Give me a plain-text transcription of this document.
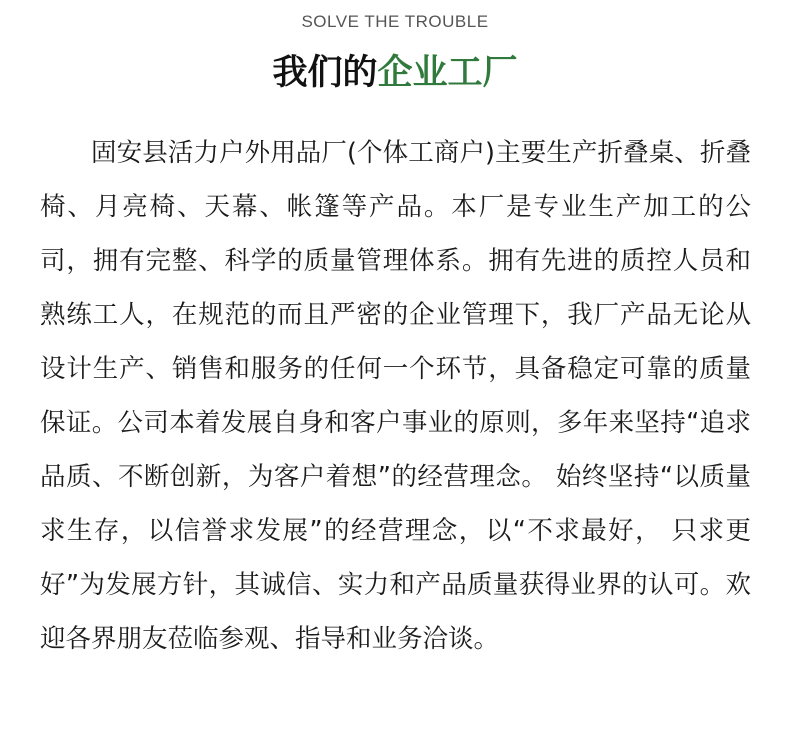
SOLVE THE TROUBLE
我们的企业工厂

固安县活力户外用品厂(个体工商户)主要生产折叠桌、折叠椅、月亮椅、天幕、帐篷等产品。本厂是专业生产加工的公司，拥有完整、科学的质量管理体系。拥有先进的质控人员和熟练工人，在规范的而且严密的企业管理下，我厂产品无论从设计生产、销售和服务的任何一个环节，具备稳定可靠的质量保证。公司本着发展自身和客户事业的原则，多年来坚持“追求品质、不断创新，为客户着想”的经营理念。 始终坚持“以质量求生存，以信誉求发展”的经营理念，以“不求最好， 只求更好”为发展方针，其诚信、实力和产品质量获得业界的认可。欢迎各界朋友莅临参观、指导和业务洽谈。
